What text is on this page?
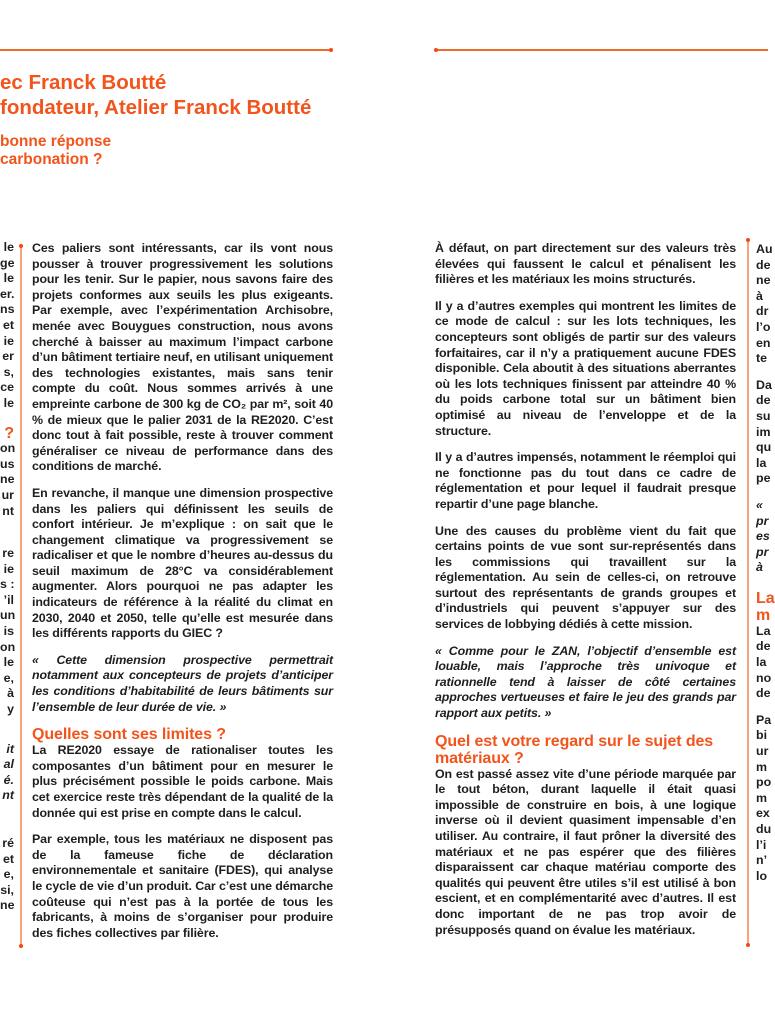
ec Franck Boutté
fondateur, Atelier Franck Boutté
bonne réponse
carbonation ?
le
ge
le
er.
ns
et
ie
er
s,
ce
le
?
on
us
ne
ur
nt
re
ie
s :
’il
un
is
on
le
e,
à
y
it
al
é.
nt
ré
et
e,
si,
ne

Ces paliers sont intéressants, car ils vont nous pousser à trouver progressivement les solutions pour les tenir. Sur le papier, nous savons faire des projets conformes aux seuils les plus exigeants. Par exemple, avec l’expérimentation Archisobre, menée avec Bouygues construction, nous avons cherché à baisser au maximum l’impact carbone d’un bâtiment tertiaire neuf, en utilisant uniquement des technologies existantes, mais sans tenir compte du coût. Nous sommes arrivés à une empreinte carbone de 300 kg de CO₂ par m², soit 40 % de mieux que le palier 2031 de la RE2020. C’est donc tout à fait possible, reste à trouver comment généraliser ce niveau de performance dans des conditions de marché.

En revanche, il manque une dimension prospective dans les paliers qui définissent les seuils de confort intérieur. Je m’explique : on sait que le changement climatique va progressivement se radicaliser et que le nombre d’heures au-dessus du seuil maximum de 28°C va considérablement augmenter. Alors pourquoi ne pas adapter les indicateurs de référence à la réalité du climat en 2030, 2040 et 2050, telle qu’elle est mesurée dans les différents rapports du GIEC ?

« Cette dimension prospective permettrait notamment aux concepteurs de projets d’anticiper les conditions d’habitabilité de leurs bâtiments sur l’ensemble de leur durée de vie. »

Quelles sont ses limites ?

La RE2020 essaye de rationaliser toutes les composantes d’un bâtiment pour en mesurer le plus précisément possible le poids carbone. Mais cet exercice reste très dépendant de la qualité de la donnée qui est prise en compte dans le calcul.

Par exemple, tous les matériaux ne disposent pas de la fameuse fiche de déclaration environnementale et sanitaire (FDES), qui analyse le cycle de vie d’un produit. Car c’est une démarche coûteuse qui n’est pas à la portée de tous les fabricants, à moins de s’organiser pour produire des fiches collectives par filière.

À défaut, on part directement sur des valeurs très élevées qui faussent le calcul et pénalisent les filières et les matériaux les moins structurés.

Il y a d’autres exemples qui montrent les limites de ce mode de calcul : sur les lots techniques, les concepteurs sont obligés de partir sur des valeurs forfaitaires, car il n’y a pratiquement aucune FDES disponible. Cela aboutit à des situations aberrantes où les lots techniques finissent par atteindre 40 % du poids carbone total sur un bâtiment bien optimisé au niveau de l’enveloppe et de la structure.

Il y a d’autres impensés, notamment le réemploi qui ne fonctionne pas du tout dans ce cadre de réglementation et pour lequel il faudrait presque repartir d’une page blanche.

Une des causes du problème vient du fait que certains points de vue sont sur-représentés dans les commissions qui travaillent sur la réglementation. Au sein de celles-ci, on retrouve surtout des représentants de grands groupes et d’industriels qui peuvent s’appuyer sur des services de lobbying dédiés à cette mission.

« Comme pour le ZAN, l’objectif d’ensemble est louable, mais l’approche très univoque et rationnelle tend à laisser de côté certaines approches vertueuses et faire le jeu des grands par rapport aux petits. »

Quel est votre regard sur le sujet des matériaux ?

On est passé assez vite d’une période marquée par le tout béton, durant laquelle il était quasi impossible de construire en bois, à une logique inverse où il devient quasiment impensable d’en utiliser. Au contraire, il faut prôner la diversité des matériaux et ne pas espérer que des filières disparaissent car chaque matériau comporte des qualités qui peuvent être utiles s’il est utilisé à bon escient, et en complémentarité avec d’autres. Il est donc important de ne pas trop avoir de présupposés quand on évalue les matériaux.

Au
de
ne
à
dr
l’o
en
te
Da
de
su
im
qu
la
pe
«
pr
es
pr
à
La
m
La
de
la
no
de
Pa
bi
ur
m
po
m
ex
du
l’i
n’
lo
